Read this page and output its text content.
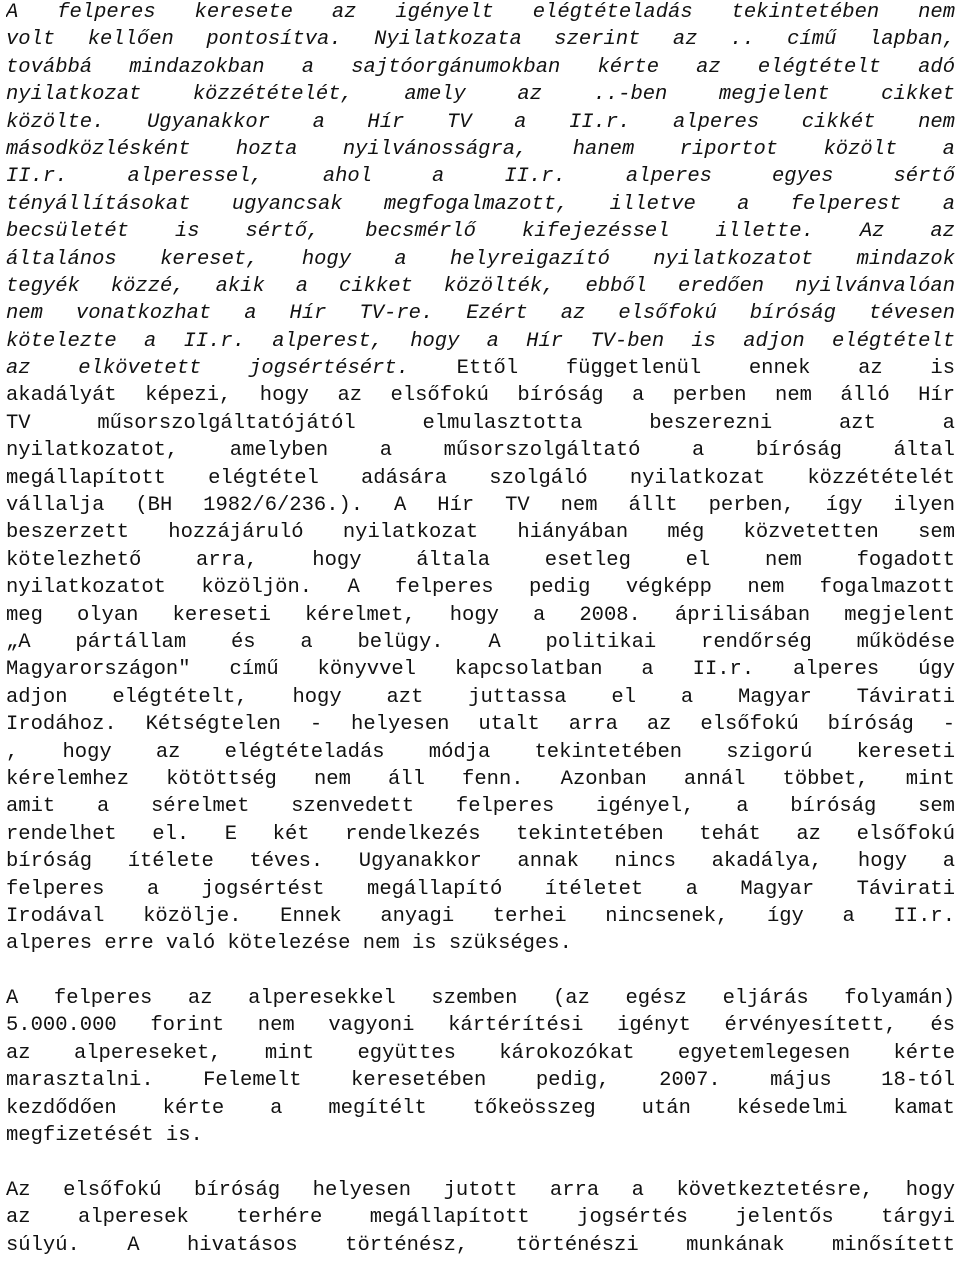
A felperes keresete az igényelt elégtételadás tekintetében nem
volt kellően pontosítva. Nyilatkozata szerint az .. című lapban,
továbbá mindazokban a sajtóorgánumokban kérte az elégtételt adó
nyilatkozat közzétételét, amely az ..-ben megjelent cikket
közölte. Ugyanakkor a Hír TV a II.r. alperes cikkét nem
másodközlésként hozta nyilvánosságra, hanem riportot közölt a
II.r. alperessel, ahol a II.r. alperes egyes sértő
tényállításokat ugyancsak megfogalmazott, illetve a felperest a
becsületét is sértő, becsmérlő kifejezéssel illette. Az az
általános kereset, hogy a helyreigazító nyilatkozatot mindazok
tegyék közzé, akik a cikket közölték, ebből eredően nyilvánvalóan
nem vonatkozhat a Hír TV-re. Ezért az elsőfokú bíróság tévesen
kötelezte a II.r. alperest, hogy a Hír TV-ben is adjon elégtételt
az elkövetett jogsértésért. Ettől függetlenül ennek az is
akadályát képezi, hogy az elsőfokú bíróság a perben nem álló Hír
TV műsorszolgáltatójától elmulasztotta beszerezni azt a
nyilatkozatot, amelyben a műsorszolgáltató a bíróság által
megállapított elégtétel adására szolgáló nyilatkozat közzétételét
vállalja (BH 1982/6/236.). A Hír TV nem állt perben, így ilyen
beszerzett hozzájáruló nyilatkozat hiányában még közvetetten sem
kötelezhető arra, hogy általa esetleg el nem fogadott
nyilatkozatot közöljön. A felperes pedig végképp nem fogalmazott
meg olyan kereseti kérelmet, hogy a 2008. áprilisában megjelent
„A pártállam és a belügy. A politikai rendőrség működése
Magyarországon" című könyvvel kapcsolatban a II.r. alperes úgy
adjon elégtételt, hogy azt juttassa el a Magyar Távirati
Irodához. Kétségtelen - helyesen utalt arra az elsőfokú bíróság -
, hogy az elégtételadás módja tekintetében szigorú kereseti
kérelemhez kötöttség nem áll fenn. Azonban annál többet, mint
amit a sérelmet szenvedett felperes igényel, a bíróság sem
rendelhet el. E két rendelkezés tekintetében tehát az elsőfokú
bíróság ítélete téves. Ugyanakkor annak nincs akadálya, hogy a
felperes a jogsértést megállapító ítéletet a Magyar Távirati
Irodával közölje. Ennek anyagi terhei nincsenek, így a II.r.
alperes erre való kötelezése nem is szükséges.
A felperes az alperesekkel szemben (az egész eljárás folyamán)
5.000.000 forint nem vagyoni kártérítési igényt érvényesített, és
az alpereseket, mint együttes károkozókat egyetemlegesen kérte
marasztalni. Felemelt keresetében pedig, 2007. május 18-tól
kezdődően kérte a megítélt tőkeösszeg után késedelmi kamat
megfizetését is.
Az elsőfokú bíróság helyesen jutott arra a következtetésre, hogy
az alperesek terhére megállapított jogsértés jelentős tárgyi
súlyú. A hivatásos történész, történészi munkának minősített
